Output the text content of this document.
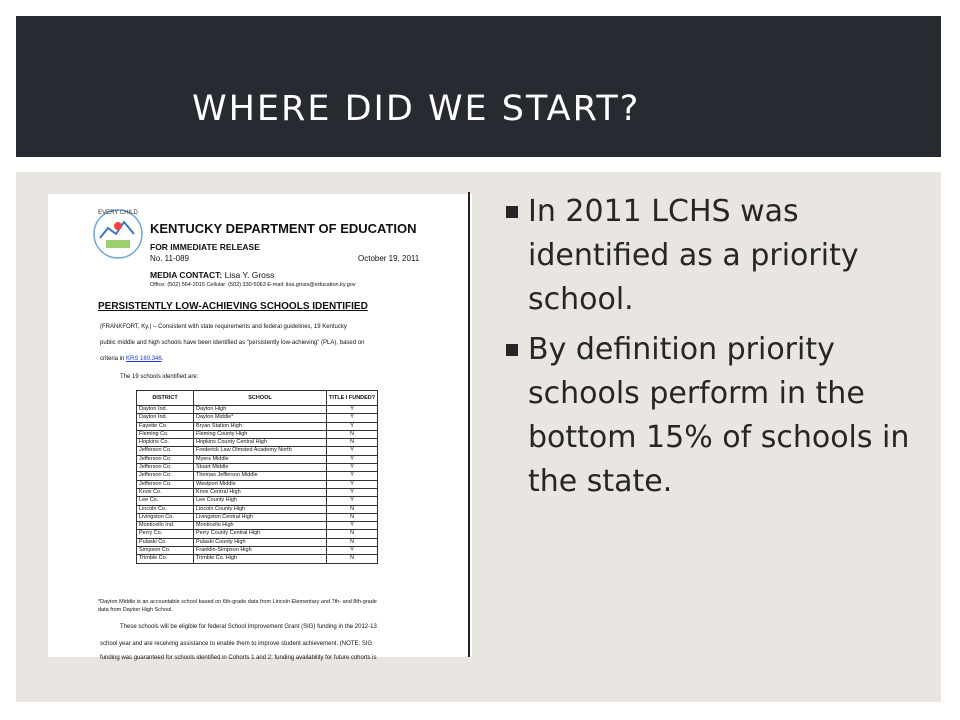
WHERE DID WE START?
EVERY CHILD
KENTUCKY DEPARTMENT OF EDUCATION
FOR IMMEDIATE RELEASE
No. 11-089	October 19, 2011
MEDIA CONTACT: Lisa Y. Gross
Office: (502) 564-2015 Cellular: (502) 330-5063 E-mail: lisa.gross@education.ky.gov
PERSISTENTLY LOW-ACHIEVING SCHOOLS IDENTIFIED
(FRANKFORT, Ky.) – Consistent with state requirements and federal guidelines, 19 Kentucky
public middle and high schools have been identified as "persistently low-achieving" (PLA), based on
criteria in KRS 160.346.
The 19 schools identified are:
DISTRICT	SCHOOL	TITLE I FUNDED?
Dayton Ind.	Dayton High	Y
Dayton Ind.	Dayton Middle*	Y
Fayette Co.	Bryan Station High	Y
Fleming Co.	Fleming County High	N
Hopkins Co.	Hopkins County Central High	N
Jefferson Co.	Frederick Law Olmsted Academy North	Y
Jefferson Co.	Myers Middle	Y
Jefferson Co.	Stuart Middle	Y
Jefferson Co.	Thomas Jefferson Middle	Y
Jefferson Co.	Westport Middle	Y
Knox Co.	Knox Central High	Y
Lee Co.	Lee County High	Y
Lincoln Co.	Lincoln County High	N
Livingston Co.	Livingston Central High	N
Monticello Ind.	Monticello High	Y
Perry Co.	Perry County Central High	N
Pulaski Co.	Pulaski County High	N
Simpson Co.	Franklin-Simpson High	Y
Trimble Co.	Trimble Co. High	N
*Dayton Middle is an accountable school based on 6th-grade data from Lincoln Elementary and 7th- and 8th-grade
data from Dayton High School.
These schools will be eligible for federal School Improvement Grant (SIG) funding in the 2012-13
school year and are receiving assistance to enable them to improve student achievement. (NOTE: SIG
funding was guaranteed for schools identified in Cohorts 1 and 2; funding availability for future cohorts is
In 2011 LCHS was identified as a priority school.
By definition priority schools perform in the bottom 15% of schools in the state.
